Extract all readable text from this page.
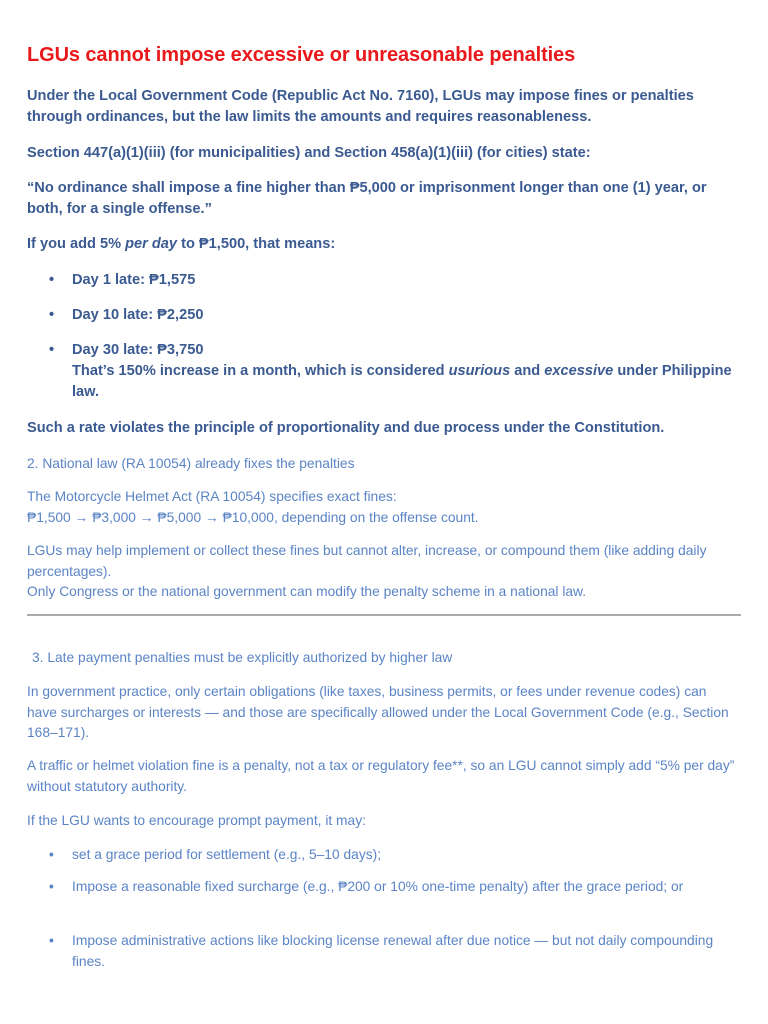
LGUs cannot impose excessive or unreasonable penalties

Under the Local Government Code (Republic Act No. 7160), LGUs may impose fines or penalties through ordinances, but the law limits the amounts and requires reasonableness.

Section 447(a)(1)(iii) (for municipalities) and Section 458(a)(1)(iii) (for cities) state:

“No ordinance shall impose a fine higher than ₱5,000 or imprisonment longer than one (1) year, or both, for a single offense.”

If you add 5% per day to ₱1,500, that means:

• Day 1 late: ₱1,575

• Day 10 late: ₱2,250

• Day 30 late: ₱3,750
That’s 150% increase in a month, which is considered usurious and excessive under Philippine law.

Such a rate violates the principle of proportionality and due process under the Constitution.

2. National law (RA 10054) already fixes the penalties

The Motorcycle Helmet Act (RA 10054) specifies exact fines:
₱1,500 → ₱3,000 → ₱5,000 → ₱10,000, depending on the offense count.

LGUs may help implement or collect these fines but cannot alter, increase, or compound them (like adding daily percentages).
Only Congress or the national government can modify the penalty scheme in a national law.

3. Late payment penalties must be explicitly authorized by higher law

In government practice, only certain obligations (like taxes, business permits, or fees under revenue codes) can have surcharges or interests — and those are specifically allowed under the Local Government Code (e.g., Section 168–171).

A traffic or helmet violation fine is a penalty, not a tax or regulatory fee**, so an LGU cannot simply add “5% per day” without statutory authority.

If the LGU wants to encourage prompt payment, it may:

• set a grace period for settlement (e.g., 5–10 days);

• Impose a reasonable fixed surcharge (e.g., ₱200 or 10% one-time penalty) after the grace period; or

• Impose administrative actions like blocking license renewal after due notice — but not daily compounding fines.
